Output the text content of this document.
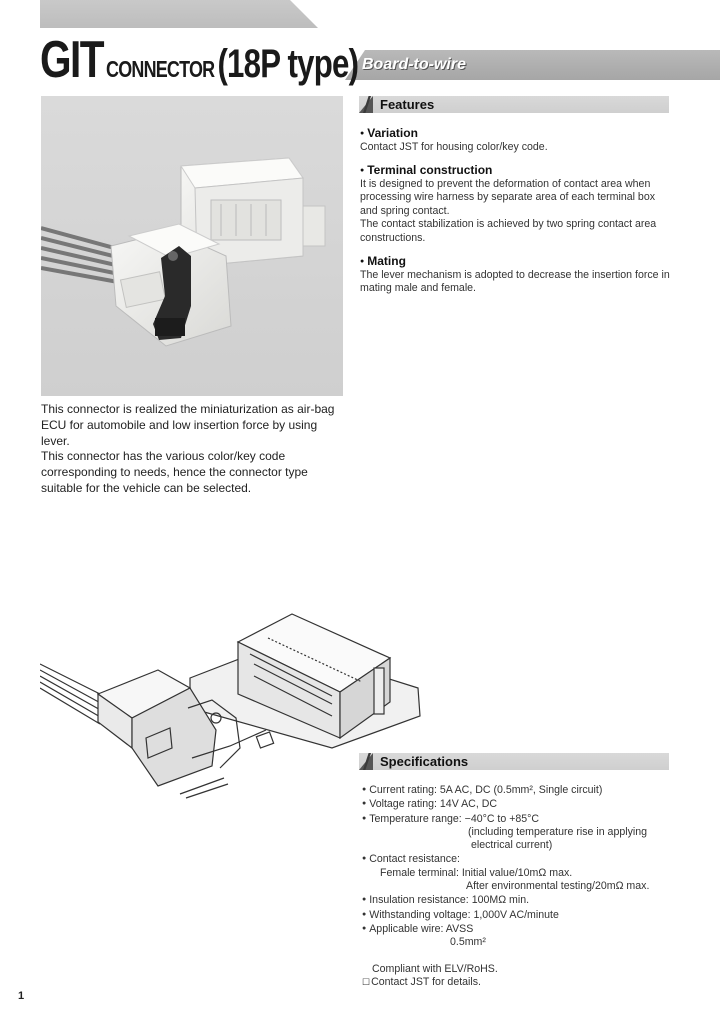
Board-to-wire
GIT CONNECTOR(18P type)

This connector is realized the miniaturization as air-bag ECU for automobile and low insertion force by using lever.

This connector has the various color/key code corresponding to needs, hence the connector type suitable for the vehicle can be selected.

Features
● Variation
Contact JST for housing color/key code.
● Terminal construction
It is designed to prevent the deformation of contact area when processing wire harness by separate area of each terminal box and spring contact.
The contact stabilization is achieved by two spring contact area constructions.
● Mating
The lever mechanism is adopted to decrease the insertion force in mating male and female.
Specifications
● Current rating: 5A AC, DC (0.5mm², Single circuit)
● Voltage rating: 14V AC, DC
● Temperature range: −40°C to +85°C
(including temperature rise in applying
electrical current)
● Contact resistance:
Female terminal: Initial value/10mΩ max.
After environmental testing/20mΩ max.
● Insulation resistance: 100MΩ min.
● Withstanding voltage: 1,000V AC/minute
● Applicable wire: AVSS
0.5mm²
Compliant with ELV/RoHS.
☐ Contact JST for details.
1
